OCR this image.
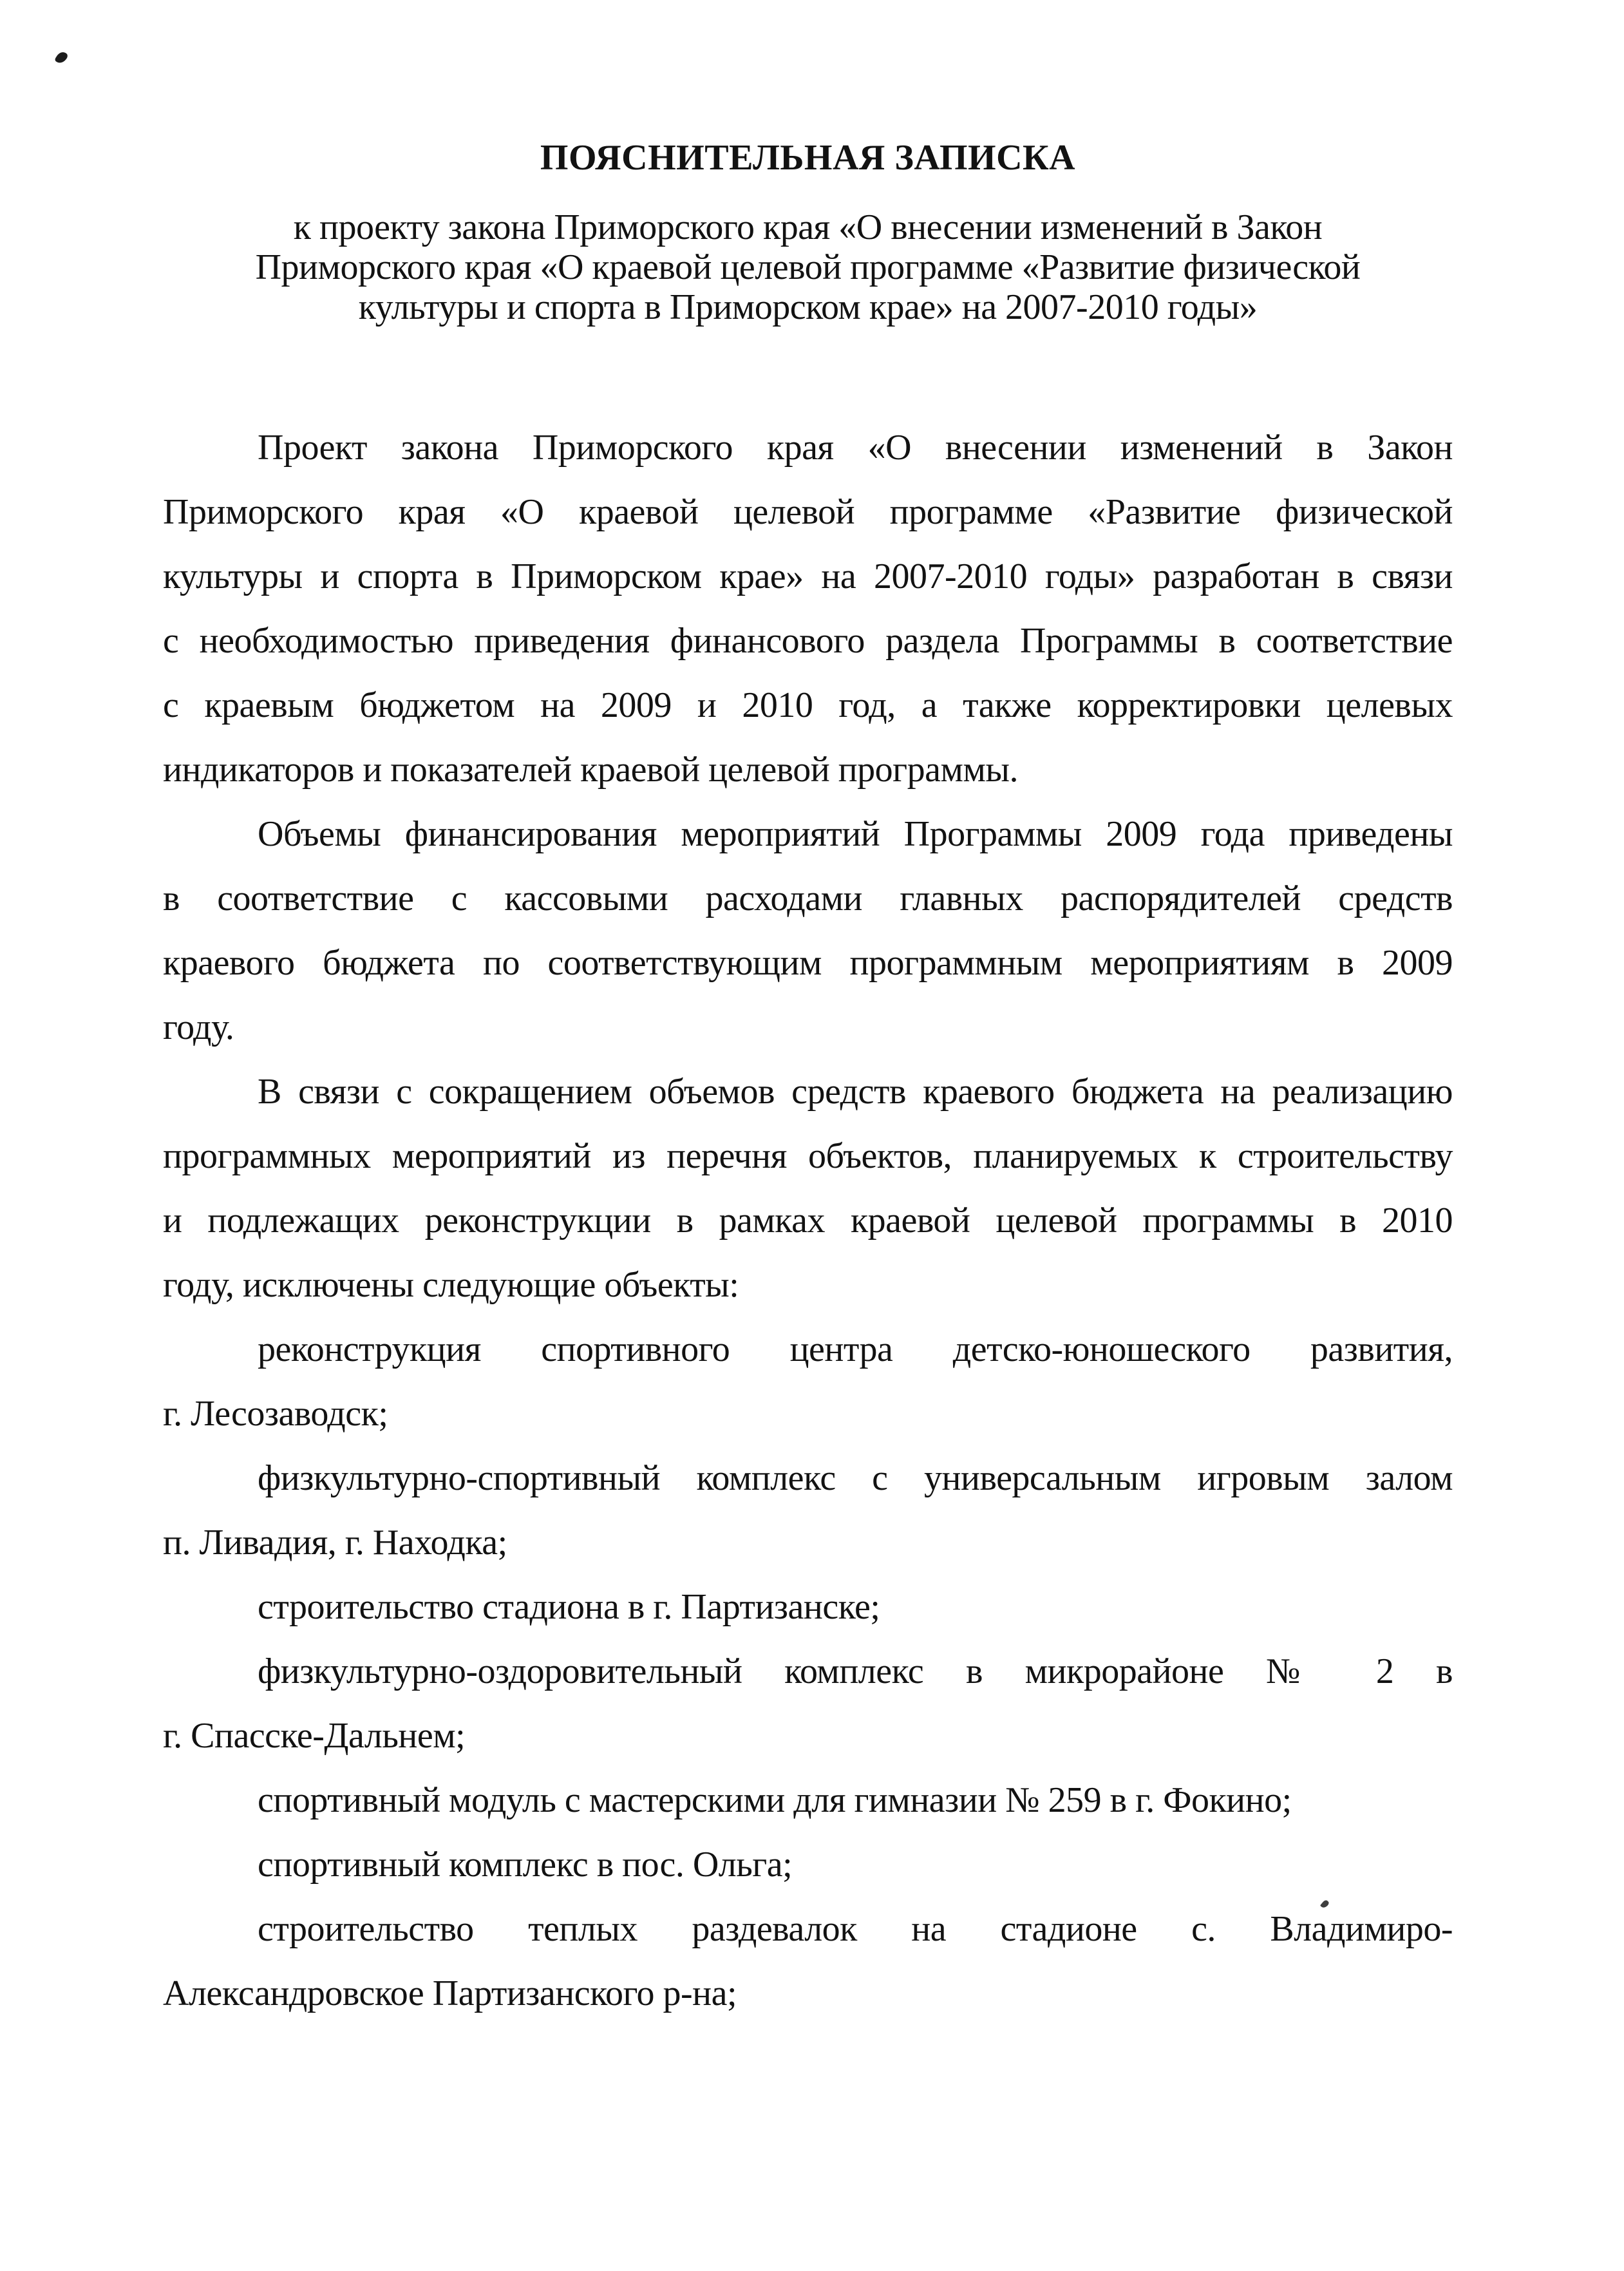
ПОЯСНИТЕЛЬНАЯ ЗАПИСКА
к проекту закона Приморского края «О внесении изменений в Закон
Приморского края «О краевой целевой программе «Развитие физической
культуры и спорта в Приморском крае» на 2007-2010 годы»
Проект закона Приморского края «О внесении изменений в Закон
Приморского края «О краевой целевой программе «Развитие физической
культуры и спорта в Приморском крае» на 2007-2010 годы» разработан в связи
с необходимостью приведения финансового раздела Программы в соответствие
с краевым бюджетом на 2009 и 2010 год, а также корректировки целевых
индикаторов и показателей краевой целевой программы.
Объемы финансирования мероприятий Программы 2009 года приведены
в соответствие с кассовыми расходами главных распорядителей средств
краевого бюджета по соответствующим программным мероприятиям в 2009
году.
В связи с сокращением объемов средств краевого бюджета на реализацию
программных мероприятий из перечня объектов, планируемых к строительству
и подлежащих реконструкции в рамках краевой целевой программы в 2010
году, исключены следующие объекты:
реконструкция спортивного центра детско-юношеского развития,
г. Лесозаводск;
физкультурно-спортивный комплекс с универсальным игровым залом
п. Ливадия, г. Находка;
строительство стадиона в г. Партизанске;
физкультурно-оздоровительный комплекс в микрорайоне № 2 в
г. Спасске-Дальнем;
спортивный модуль с мастерскими для гимназии № 259 в г. Фокино;
спортивный комплекс в пос. Ольга;
строительство теплых раздевалок на стадионе с. Владимиро-
Александровское Партизанского р-на;
